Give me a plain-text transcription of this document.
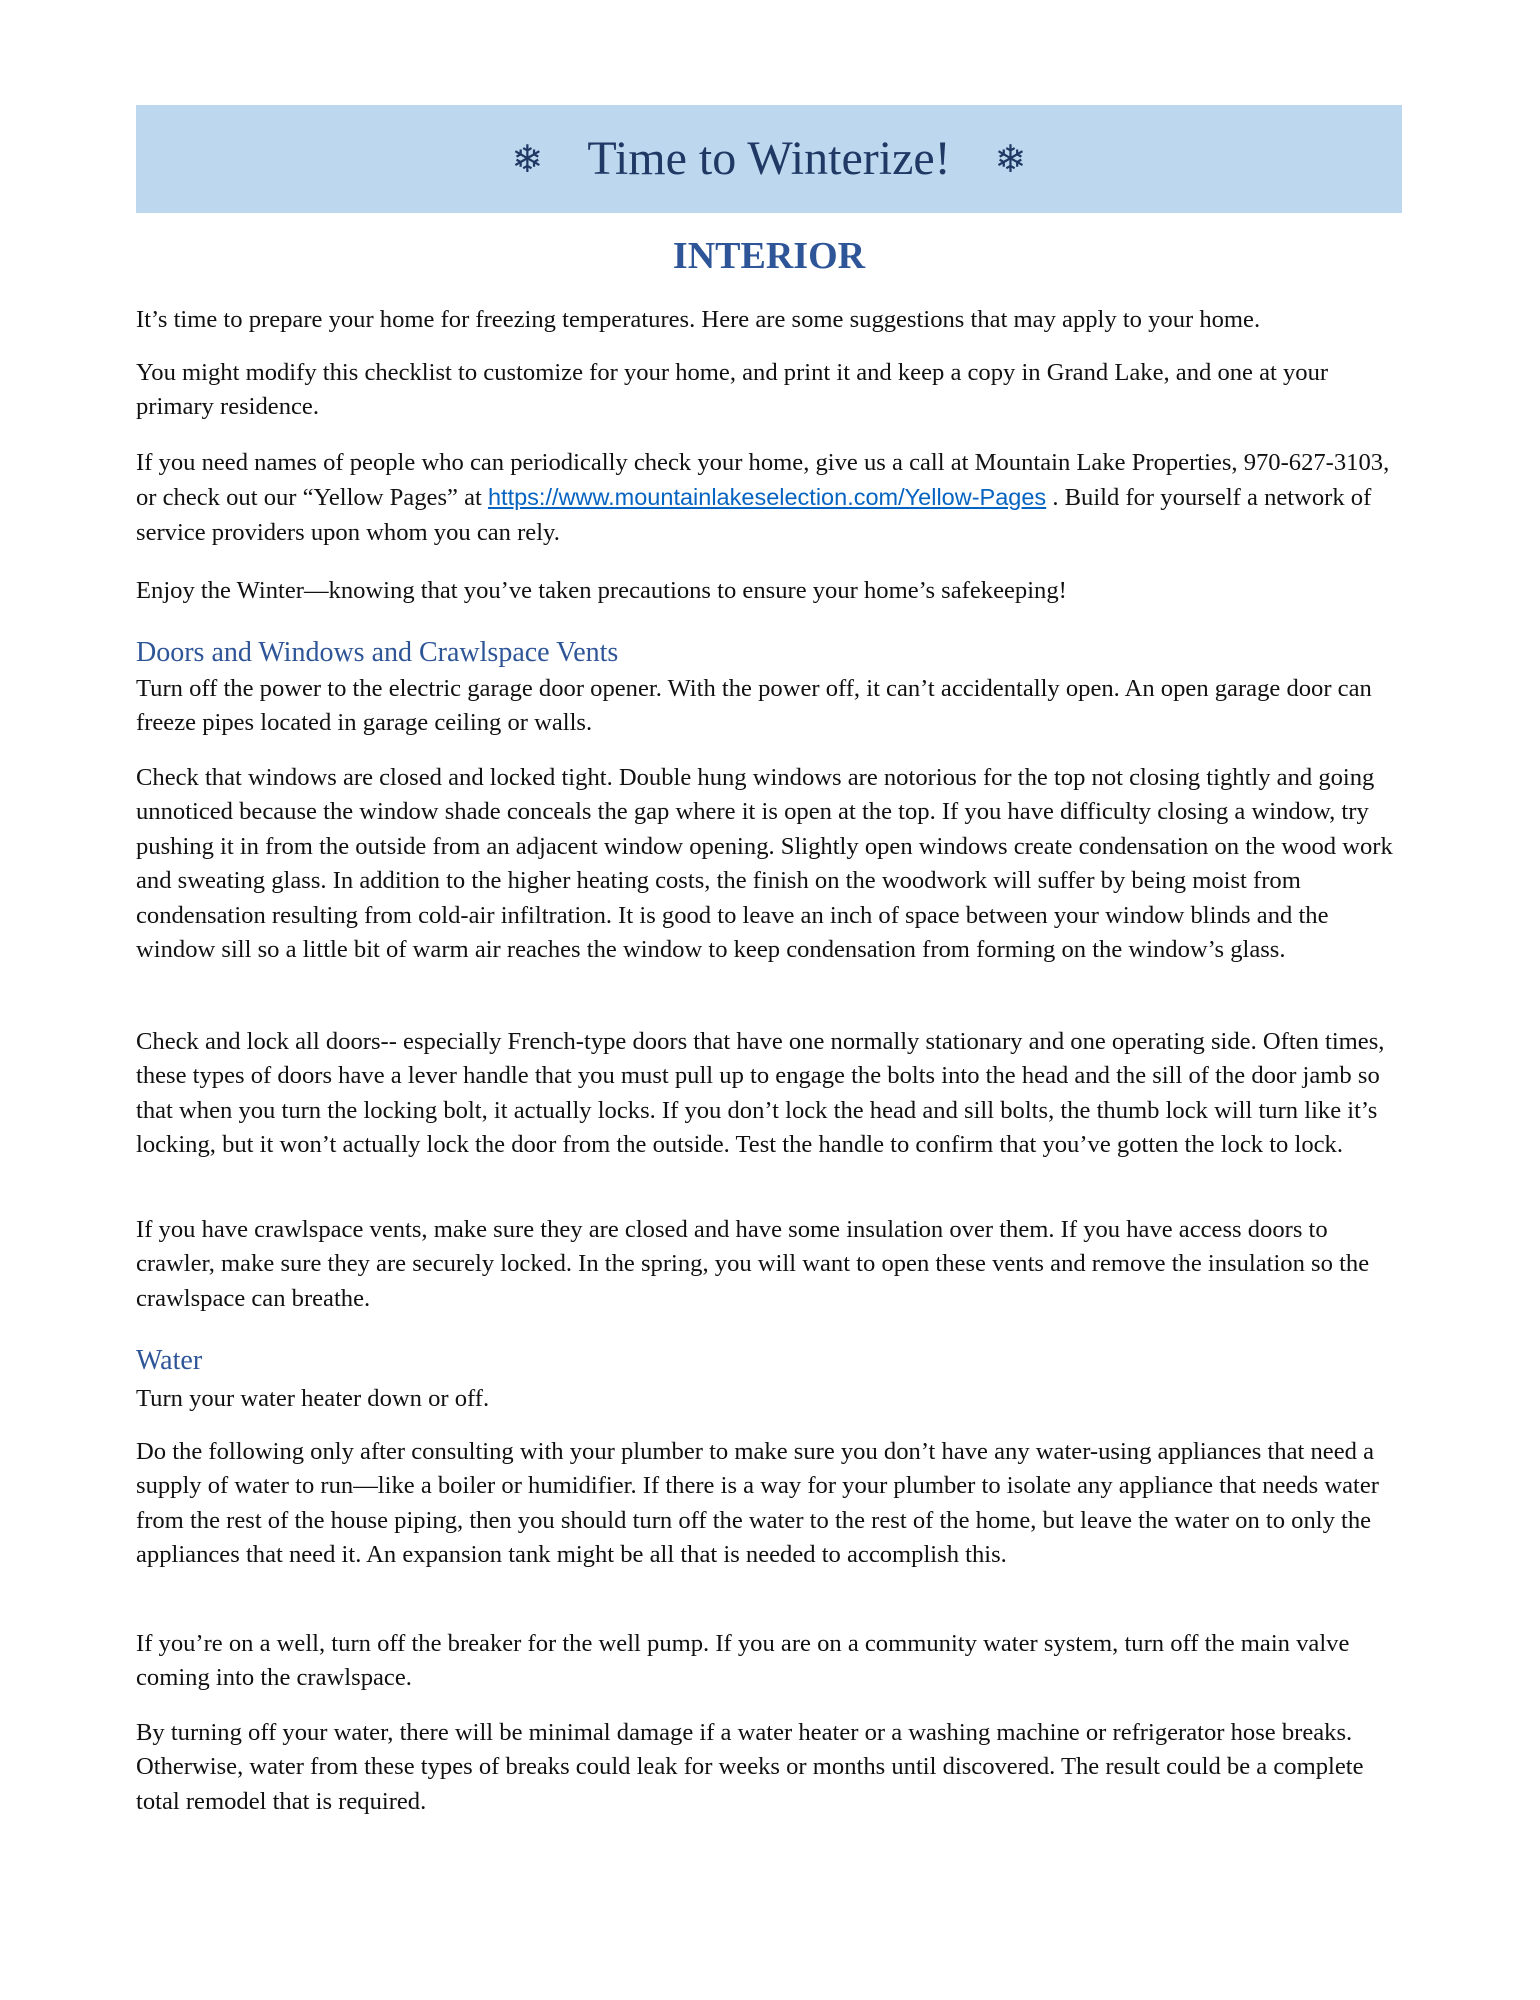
❄ Time to Winterize!	❄
INTERIOR

It’s time to prepare your home for freezing temperatures. Here are some suggestions that may apply to your home.

You might modify this checklist to customize for your home, and print it and keep a copy in Grand Lake, and one at your primary residence.

If you need names of people who can periodically check your home, give us a call at Mountain Lake Properties, 970-627-3103, or check out our “Yellow Pages” at https://www.mountainlakeselection.com/Yellow-Pages . Build for yourself a network of service providers upon whom you can rely.

Enjoy the Winter—knowing that you’ve taken precautions to ensure your home’s safekeeping!

Doors and Windows and Crawlspace Vents

Turn off the power to the electric garage door opener. With the power off, it can’t accidentally open. An open garage door can freeze pipes located in garage ceiling or walls.

Check that windows are closed and locked tight. Double hung windows are notorious for the top not closing tightly and going unnoticed because the window shade conceals the gap where it is open at the top. If you have difficulty closing a window, try pushing it in from the outside from an adjacent window opening. Slightly open windows create condensation on the wood work and sweating glass. In addition to the higher heating costs, the finish on the woodwork will suffer by being moist from condensation resulting from cold-air infiltration. It is good to leave an inch of space between your window blinds and the window sill so a little bit of warm air reaches the window to keep condensation from forming on the window’s glass.

Check and lock all doors-- especially French-type doors that have one normally stationary and one operating side. Often times, these types of doors have a lever handle that you must pull up to engage the bolts into the head and the sill of the door jamb so that when you turn the locking bolt, it actually locks. If you don’t lock the head and sill bolts, the thumb lock will turn like it’s locking, but it won’t actually lock the door from the outside. Test the handle to confirm that you’ve gotten the lock to lock.

If you have crawlspace vents, make sure they are closed and have some insulation over them. If you have access doors to crawler, make sure they are securely locked. In the spring, you will want to open these vents and remove the insulation so the crawlspace can breathe.

Water

Turn your water heater down or off.

Do the following only after consulting with your plumber to make sure you don’t have any water-using appliances that need a supply of water to run—like a boiler or humidifier. If there is a way for your plumber to isolate any appliance that needs water from the rest of the house piping, then you should turn off the water to the rest of the home, but leave the water on to only the appliances that need it. An expansion tank might be all that is needed to accomplish this.

If you’re on a well, turn off the breaker for the well pump. If you are on a community water system, turn off the main valve coming into the crawlspace.

By turning off your water, there will be minimal damage if a water heater or a washing machine or refrigerator hose breaks. Otherwise, water from these types of breaks could leak for weeks or months until discovered. The result could be a complete total remodel that is required.
